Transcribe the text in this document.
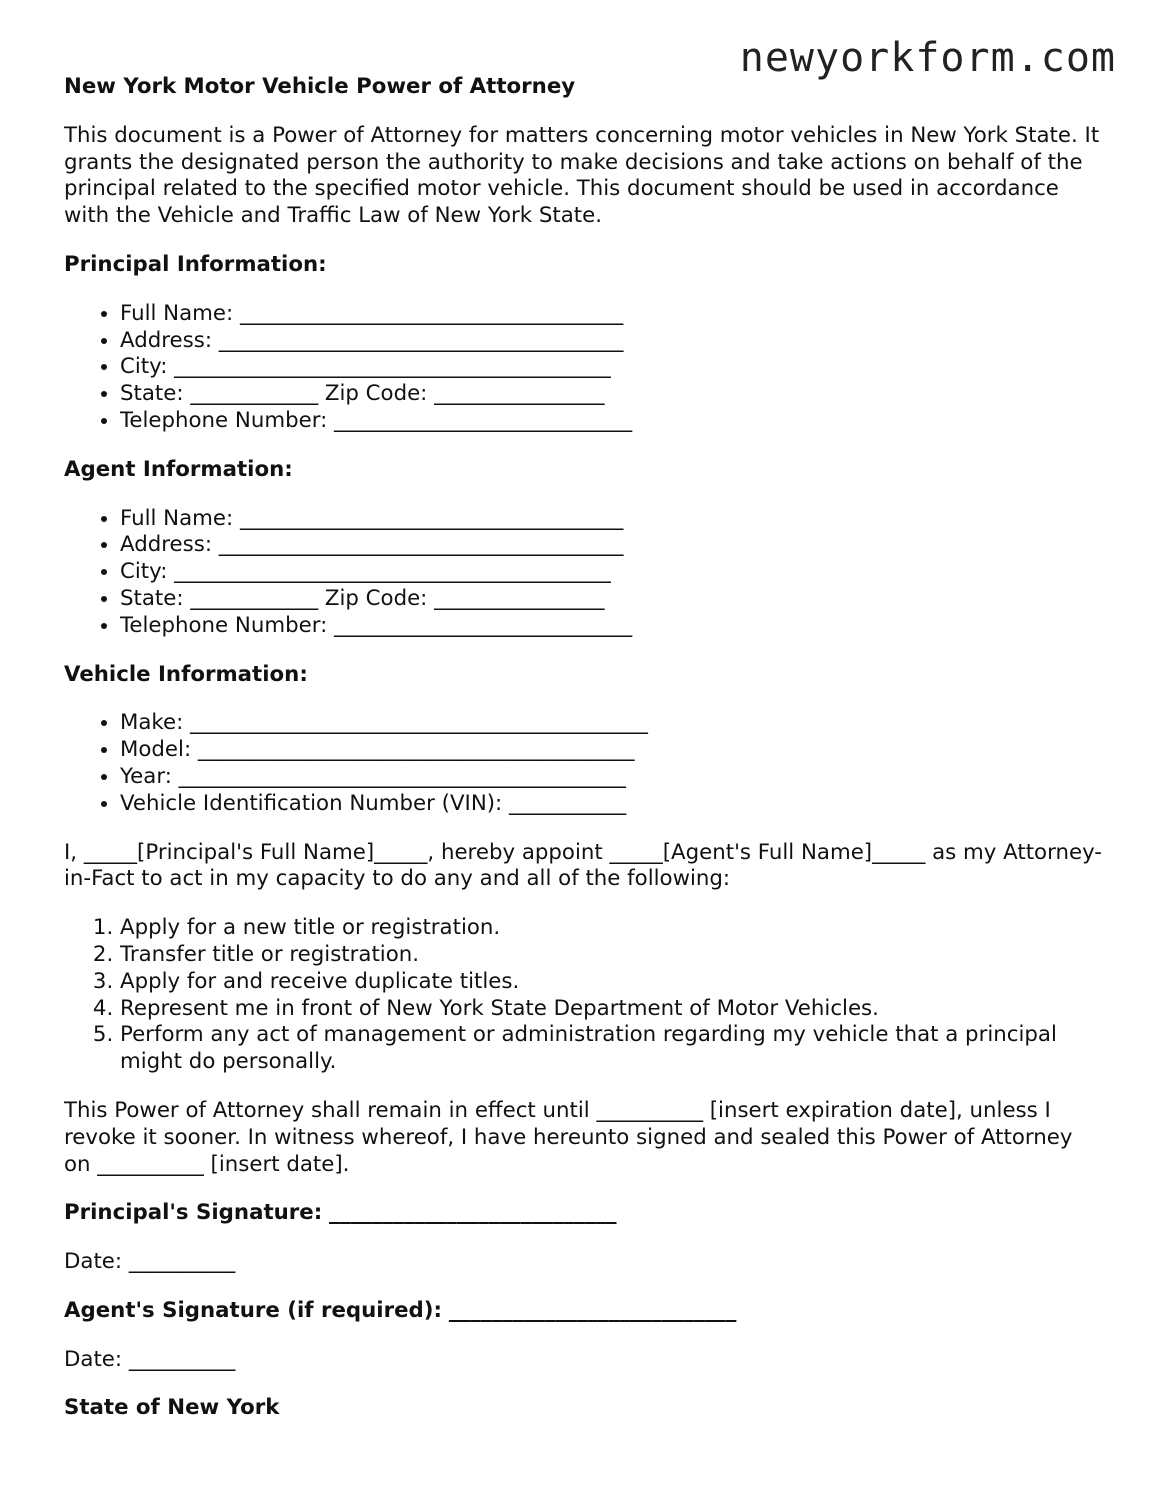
newyorkform.com
New York Motor Vehicle Power of Attorney

This document is a Power of Attorney for matters concerning motor vehicles in New York State. It grants the designated person the authority to make decisions and take actions on behalf of the principal related to the specified motor vehicle. This document should be used in accordance with the Vehicle and Traffic Law of New York State.

Principal Information:
• Full Name: ____________________________________
• Address: ______________________________________
• City: _________________________________________
• State: ____________ Zip Code: ________________
• Telephone Number: ____________________________
Agent Information:
• Full Name: ____________________________________
• Address: ______________________________________
• City: _________________________________________
• State: ____________ Zip Code: ________________
• Telephone Number: ____________________________
Vehicle Information:
• Make: ___________________________________________
• Model: _________________________________________
• Year: __________________________________________
• Vehicle Identification Number (VIN): ___________

I, _____[Principal's Full Name]_____, hereby appoint _____[Agent's Full Name]_____ as my Attorney-in-Fact to act in my capacity to do any and all of the following:

1. Apply for a new title or registration.
2. Transfer title or registration.
3. Apply for and receive duplicate titles.
4. Represent me in front of New York State Department of Motor Vehicles.
5. Perform any act of management or administration regarding my vehicle that a principal might do personally.

This Power of Attorney shall remain in effect until __________ [insert expiration date], unless I revoke it sooner. In witness whereof, I have hereunto signed and sealed this Power of Attorney on __________ [insert date].

Principal's Signature: ___________________________
Date: __________
Agent's Signature (if required): ___________________________
Date: __________
State of New York
